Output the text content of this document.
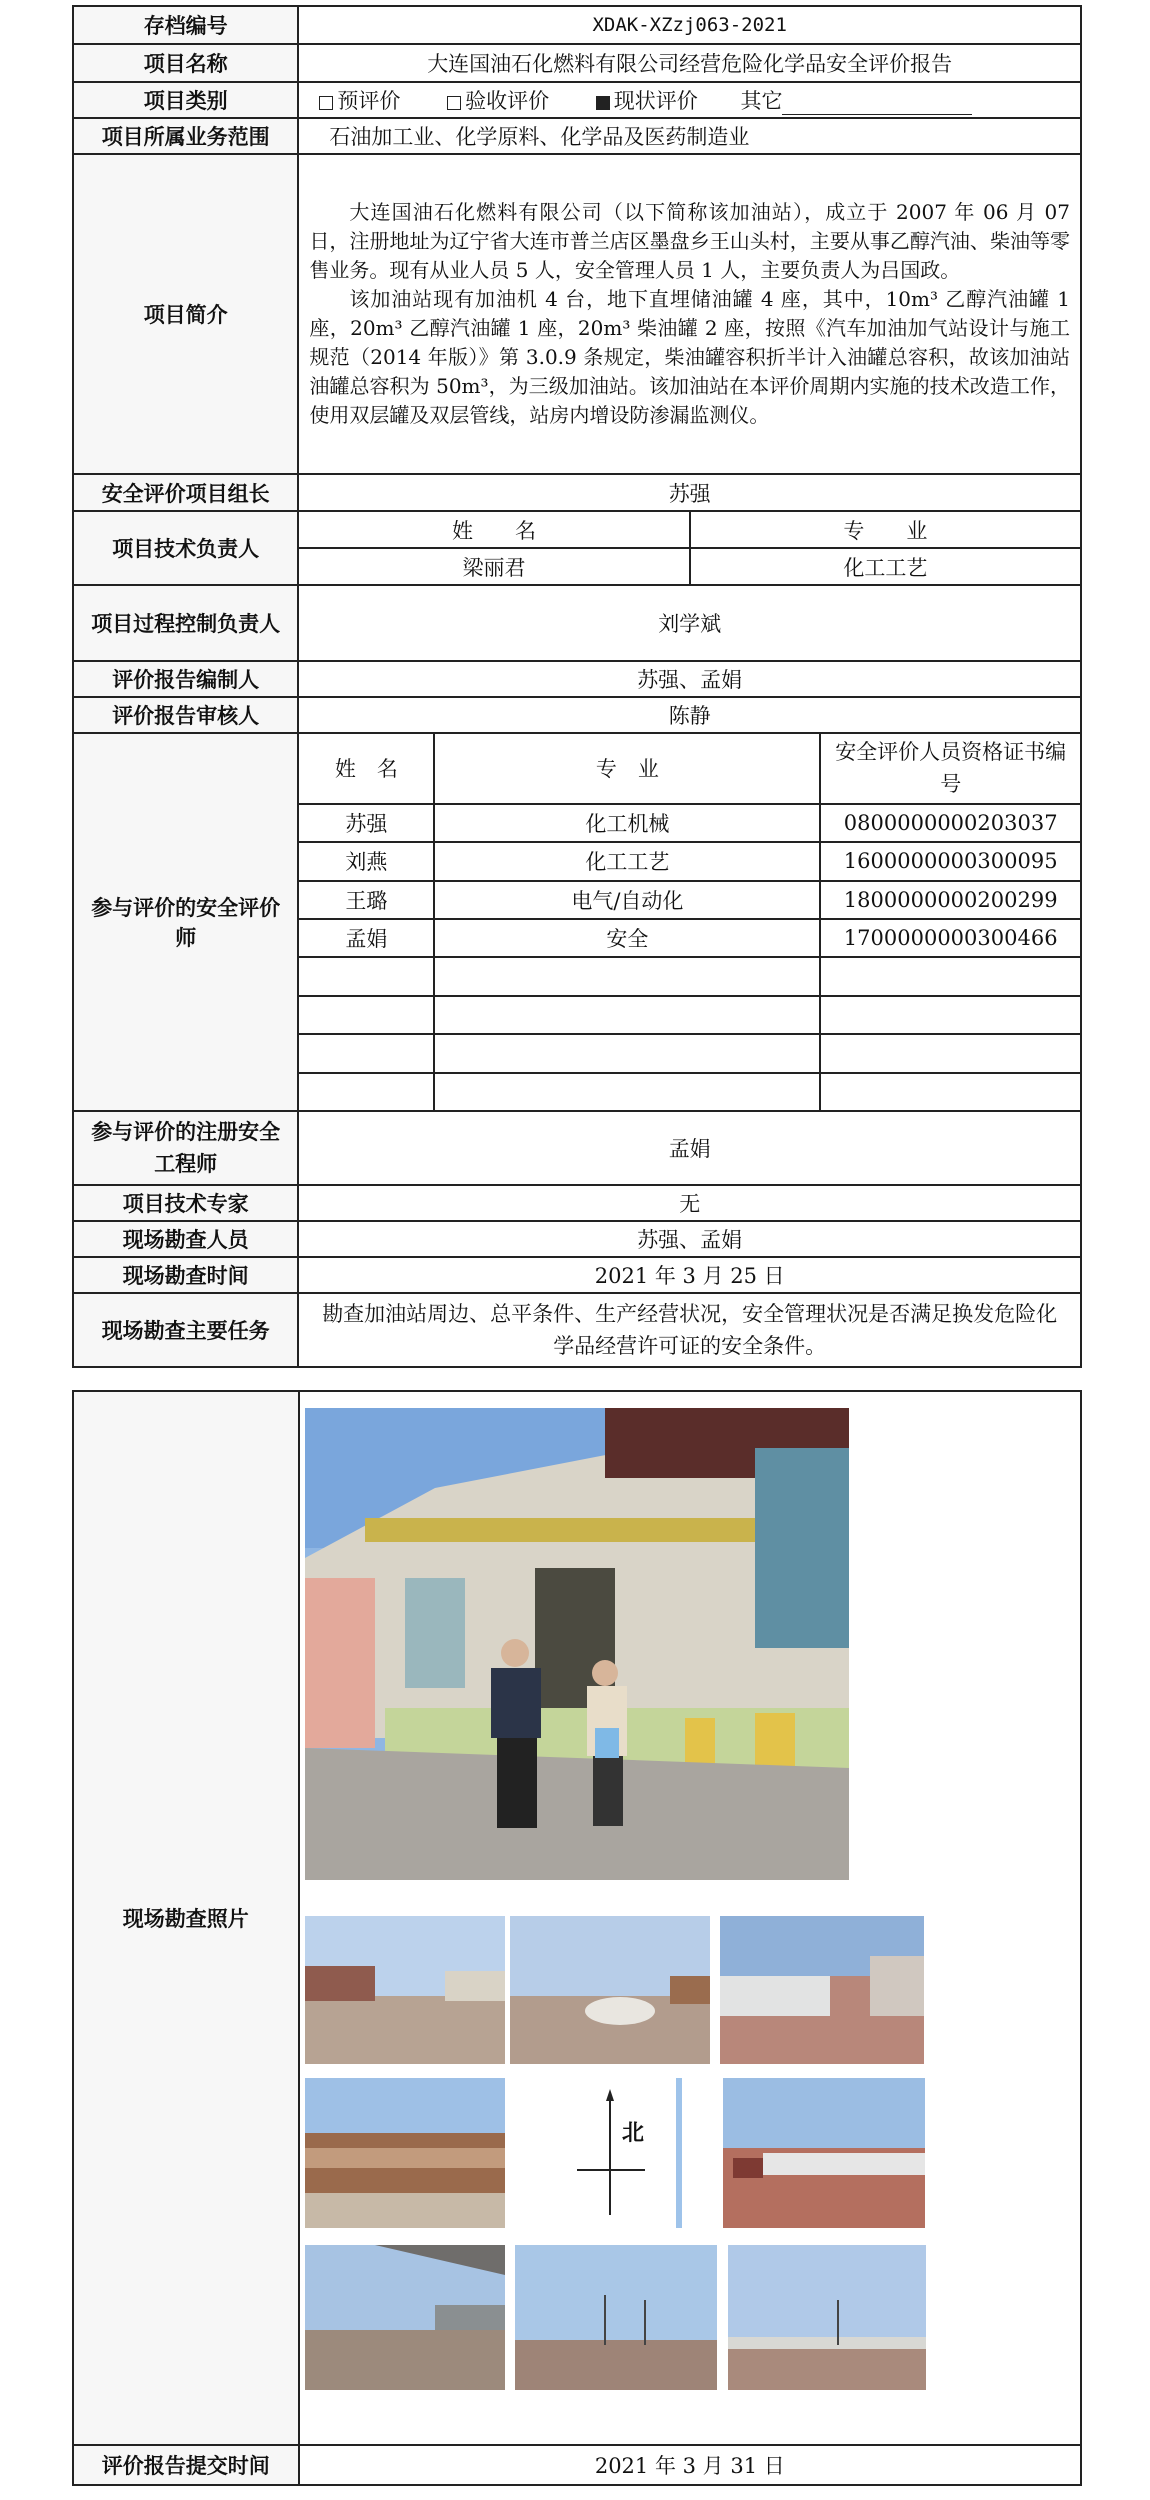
存档编号	XDAK-XZzj063-2021
项目名称	大连国油石化燃料有限公司经营危险化学品安全评价报告
项目类别	预评价	验收评价	现状评价 其它
项目所属业务范围	石油加工业、化学原料、化学品及医药制造业
项目简介	

大连国油石化燃料有限公司（以下简称该加油站），成立于 2007 年 06 月 07 日，注册地址为辽宁省大连市普兰店区墨盘乡王山头村，主要从事乙醇汽油、柴油等零售业务。现有从业人员 5 人，安全管理人员 1 人，主要负责人为吕国政。

该加油站现有加油机 4 台，地下直埋储油罐 4 座，其中，10m³ 乙醇汽油罐 1 座，20m³ 乙醇汽油罐 1 座，20m³ 柴油罐 2 座，按照《汽车加油加气站设计与施工规范（2014 年版）》第 3.0.9 条规定，柴油罐容积折半计入油罐总容积，故该加油站油罐总容积为 50m³，为三级加油站。该加油站在本评价周期内实施的技术改造工作，使用双层罐及双层管线，站房内增设防渗漏监测仪。

安全评价项目组长	苏强
项目技术负责人	
姓　　名	专　　业
梁丽君	化工工艺

项目过程控制负责人	刘学斌
评价报告编制人	苏强、孟娟
评价报告审核人	陈静
参与评价的安全评价师	
姓　名	专　业	安全评价人员资格证书编号
苏强	化工机械	0800000000203037
刘燕	化工工艺	1600000000300095
王璐	电气/自动化	1800000000200299
孟娟	安全	1700000000300466

参与评价的注册安全工程师	孟娟
项目技术专家	无
现场勘查人员	苏强、孟娟
现场勘查时间	2021 年 3 月 25 日
现场勘查主要任务	勘查加油站周边、总平条件、生产经营状况，安全管理状况是否满足换发危险化学品经营许可证的安全条件。
现场勘查照片	
评价报告提交时间	2021 年 3 月 31 日
北
